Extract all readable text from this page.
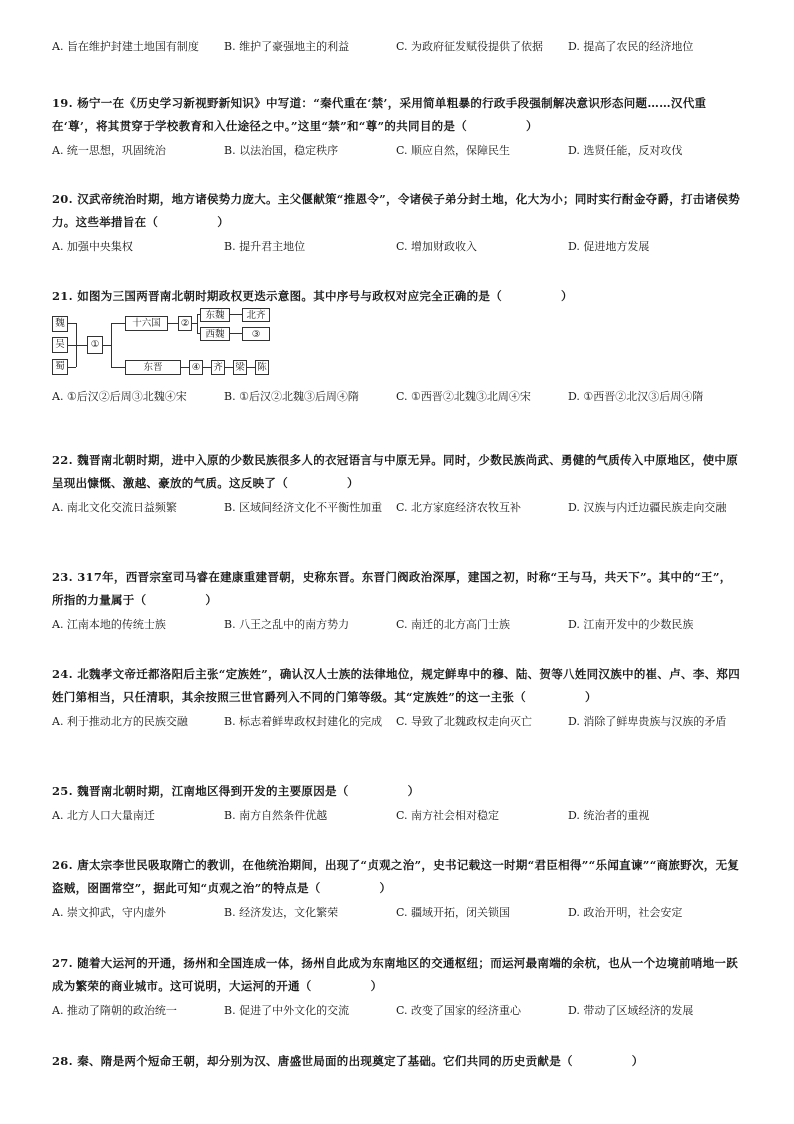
A. 旨在维护封建土地国有制度	B. 维护了豪强地主的利益	C. 为政府征发赋役提供了依据	D. 提高了农民的经济地位
19. 杨宁一在《历史学习新视野新知识》中写道：“秦代重在‘禁’，采用简单粗暴的行政手段强制解决意识形态问题……汉代重在‘尊’，将其贯穿于学校教育和入仕途径之中。”这里“禁”和“尊”的共同目的是（　　　　　）
A. 统一思想，巩固统治	B. 以法治国，稳定秩序	C. 顺应自然，保障民生	D. 选贤任能，反对攻伐
20. 汉武帝统治时期，地方诸侯势力庞大。主父偃献策“推恩令”，令诸侯子弟分封土地，化大为小；同时实行酎金夺爵，打击诸侯势力。这些举措旨在（　　　　　）
A. 加强中央集权	B. 提升君主地位	C. 增加财政收入	D. 促进地方发展
21. 如图为三国两晋南北朝时期政权更迭示意图。其中序号与政权对应完全正确的是（　　　　　）
魏
吴
蜀
①
十六国	②
东魏
西魏
北齐
③
东晋	④ 齐 梁 陈
A. ①后汉②后周③北魏④宋	B. ①后汉②北魏③后周④隋	C. ①西晋②北魏③北周④宋	D. ①西晋②北汉③后周④隋
22. 魏晋南北朝时期，进中入原的少数民族很多人的衣冠语言与中原无异。同时，少数民族尚武、勇健的气质传入中原地区，使中原呈现出慷慨、激越、豪放的气质。这反映了（　　　　　）
A. 南北文化交流日益频繁	B. 区域间经济文化不平衡性加重	C. 北方家庭经济农牧互补	D. 汉族与内迁边疆民族走向交融
23. 317年，西晋宗室司马睿在建康重建晋朝，史称东晋。东晋门阀政治深厚，建国之初，时称“王与马，共天下”。其中的“王”，所指的力量属于（　　　　　）
A. 江南本地的传统士族	B. 八王之乱中的南方势力	C. 南迁的北方高门士族	D. 江南开发中的少数民族
24. 北魏孝文帝迁都洛阳后主张“定族姓”，确认汉人士族的法律地位，规定鲜卑中的穆、陆、贺等八姓同汉族中的崔、卢、李、郑四姓门第相当，只任清职，其余按照三世官爵列入不同的门第等级。其“定族姓”的这一主张（　　　　　）
A. 利于推动北方的民族交融	B. 标志着鲜卑政权封建化的完成	C. 导致了北魏政权走向灭亡	D. 消除了鲜卑贵族与汉族的矛盾
25. 魏晋南北朝时期，江南地区得到开发的主要原因是（　　　　　）
A. 北方人口大量南迁	B. 南方自然条件优越	C. 南方社会相对稳定	D. 统治者的重视
26. 唐太宗李世民吸取隋亡的教训，在他统治期间，出现了“贞观之治”，史书记载这一时期“君臣相得”“乐闻直谏”“商旅野次，无复盗贼，囹圄常空”，据此可知“贞观之治”的特点是（　　　　　）
A. 崇文抑武，守内虚外	B. 经济发达，文化繁荣	C. 疆域开拓，闭关锁国	D. 政治开明，社会安定
27. 随着大运河的开通，扬州和全国连成一体，扬州自此成为东南地区的交通枢纽；而运河最南端的余杭，也从一个边境前哨地一跃成为繁荣的商业城市。这可说明，大运河的开通（　　　　　）
A. 推动了隋朝的政治统一	B. 促进了中外文化的交流	C. 改变了国家的经济重心	D. 带动了区域经济的发展
28. 秦、隋是两个短命王朝，却分别为汉、唐盛世局面的出现奠定了基础。它们共同的历史贡献是（　　　　　）
